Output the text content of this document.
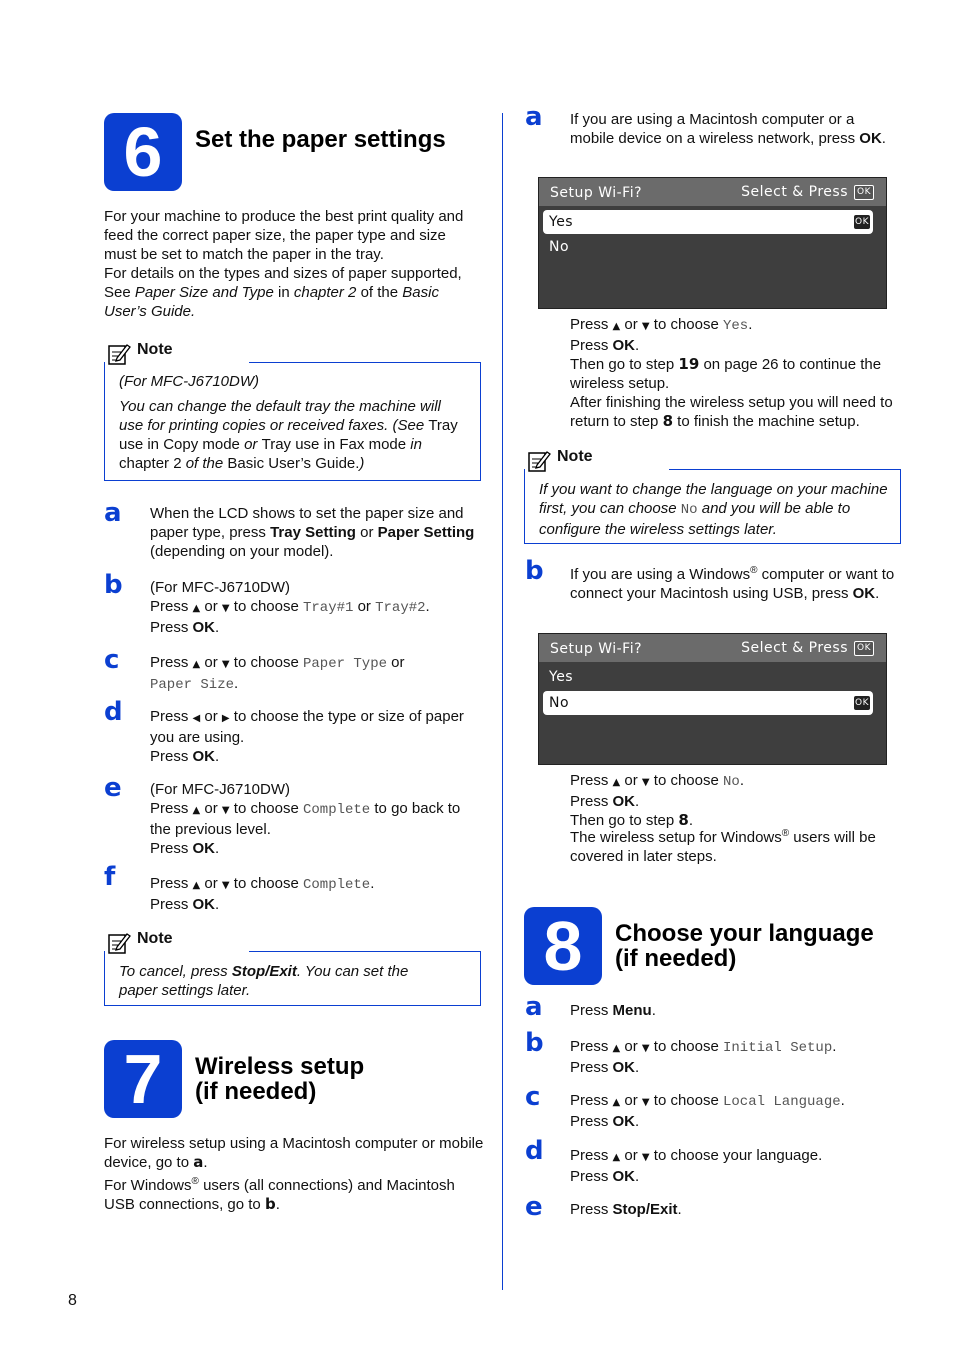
6	Set the paper settings
For your machine to produce the best print quality and feed the correct paper size, the paper type and size must be set to match the paper in the tray.
For details on the types and sizes of paper supported, See Paper Size and Type in chapter 2 of the Basic User’s Guide.
Note
(For MFC-J6710DW)
You can change the default tray the machine will use for printing copies or received faxes. (See Tray use in Copy mode or Tray use in Fax mode in chapter 2 of the Basic User’s Guide.)
a When the LCD shows to set the paper size and paper type, press Tray Setting or Paper Setting (depending on your model).
b (For MFC-J6710DW)
Press ▲ or ▼ to choose Tray#1 or Tray#2.
Press OK.
c Press ▲ or ▼ to choose Paper Type or Paper Size.
d Press ◀ or ▶ to choose the type or size of paper you are using.
Press OK.
e (For MFC-J6710DW)
Press ▲ or ▼ to choose Complete to go back to the previous level.
Press OK.
f Press ▲ or ▼ to choose Complete.
Press OK.
Note
To cancel, press Stop/Exit. You can set the paper settings later.
7	Wireless setup
(if needed)
For wireless setup using a Macintosh computer or mobile device, go to a.
For Windows® users (all connections) and Macintosh USB connections, go to b.
a If you are using a Macintosh computer or a mobile device on a wireless network, press OK.
Setup Wi-Fi?	Select & Press	OK
Yes	OK
No
Press ▲ or ▼ to choose Yes.
Press OK.
Then go to step 19 on page 26 to continue the wireless setup.
After finishing the wireless setup you will need to return to step 8 to finish the machine setup.
Note
If you want to change the language on your machine first, you can choose No and you will be able to configure the wireless settings later.
b If you are using a Windows® computer or want to connect your Macintosh using USB, press OK.
Setup Wi-Fi?	Select & Press	OK
Yes
No	OK
Press ▲ or ▼ to choose No.
Press OK.
Then go to step 8.
The wireless setup for Windows® users will be covered in later steps.
8	Choose your language
(if needed)
a Press Menu.
b Press ▲ or ▼ to choose Initial Setup.
Press OK.
c Press ▲ or ▼ to choose Local Language.
Press OK.
d Press ▲ or ▼ to choose your language.
Press OK.
e Press Stop/Exit.
8
